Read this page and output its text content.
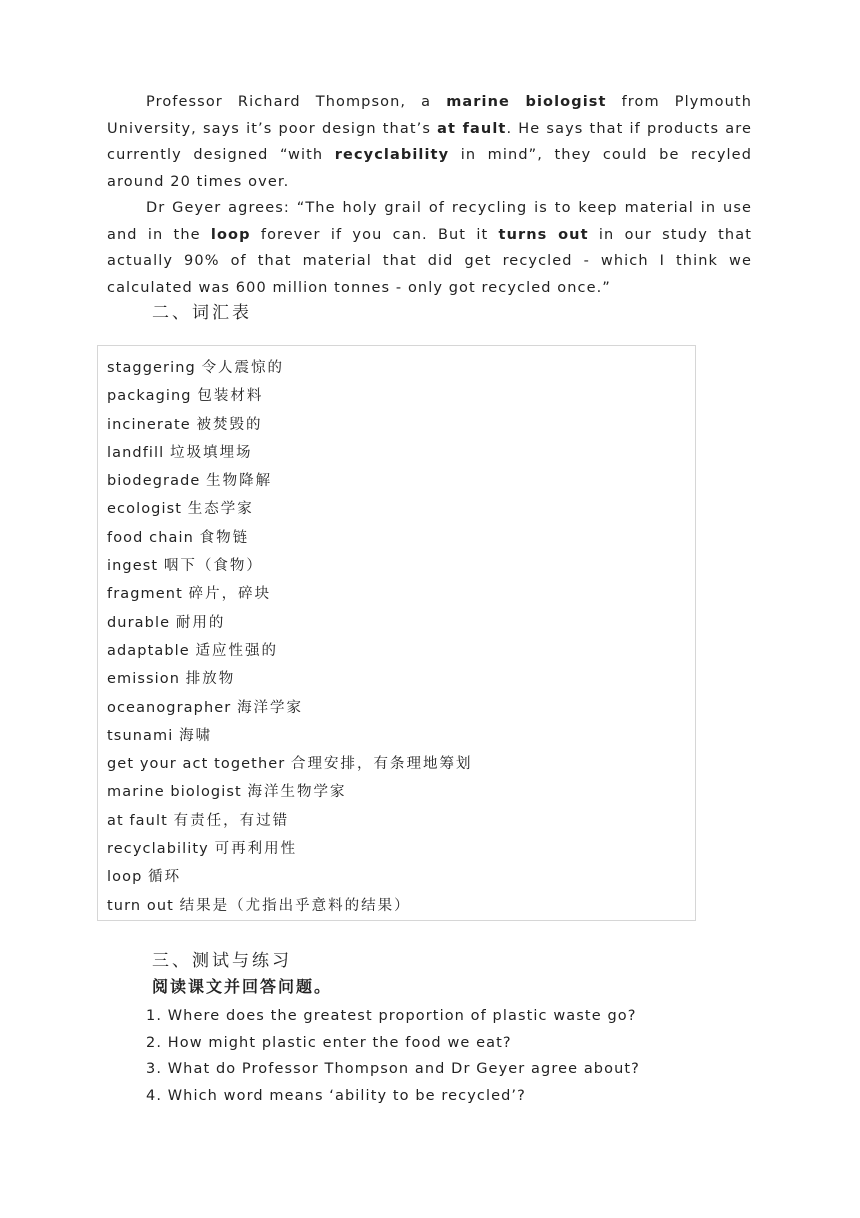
Professor Richard Thompson, a marine biologist from Plymouth University, says it’s poor design that’s at fault. He says that if products are currently designed “with recyclability in mind”, they could be recyled around 20 times over.

Dr Geyer agrees: “The holy grail of recycling is to keep material in use and in the loop forever if you can. But it turns out in our study that actually 90% of that material that did get recycled - which I think we calculated was 600 million tonnes - only got recycled once.”

二、词汇表
staggering 令人震惊的
packaging 包装材料
incinerate 被焚毁的
landfill 垃圾填埋场
biodegrade 生物降解
ecologist 生态学家
food chain 食物链
ingest 咽下（食物）
fragment 碎片，碎块
durable 耐用的
adaptable 适应性强的
emission 排放物
oceanographer 海洋学家
tsunami 海啸
get your act together 合理安排，有条理地筹划
marine biologist 海洋生物学家
at fault 有责任，有过错
recyclability 可再利用性
loop 循环
turn out 结果是（尤指出乎意料的结果）
三、测试与练习
阅读课文并回答问题。
1. Where does the greatest proportion of plastic waste go?
2. How might plastic enter the food we eat?
3. What do Professor Thompson and Dr Geyer agree about?
4. Which word means ‘ability to be recycled’?
